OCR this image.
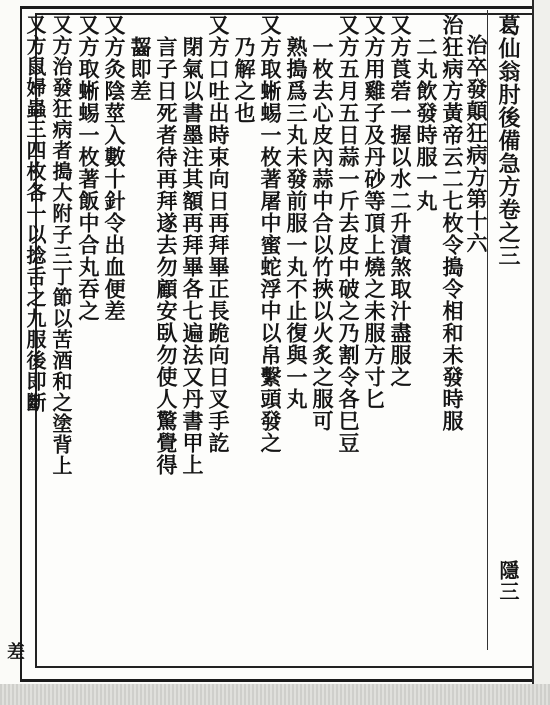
葛仙翁肘後備急方卷之三
隱三
治卒發顛狂病方第十六
治狂病方黃帝云二七枚令搗令相和未發時服
二丸飲發時服一丸
又方莨菪一握以水二升漬煞取汁盡服之
又方用雞子及丹砂等頂上燒之未服方寸匕
又方五月五日蒜一斤去皮中破之乃割令各巳豆
一枚去心皮內蒜中合以竹挾以火炙之服可
熟搗爲三丸未發前服一丸不止復與一丸
又方取蜥蜴一枚著屠中蜜蛇浮中以帛繫頭發之
乃解之也
又方口吐出時束向日再拜畢正長跪向日叉手訖
閉氣以書墨注其額再拜畢各七遍法又丹書甲上
言子日死者待再拜遂去勿顧安臥勿使人驚覺得
齧即差
又方灸陰莖入數十針令出血便差
又方取蜥蜴一枚著飯中合丸吞之
又方治發狂病者搗大附子三丁節以苦酒和之塗背上
又方鼠婦蟲三四枚各一以捻舌之九服後即斷
差
